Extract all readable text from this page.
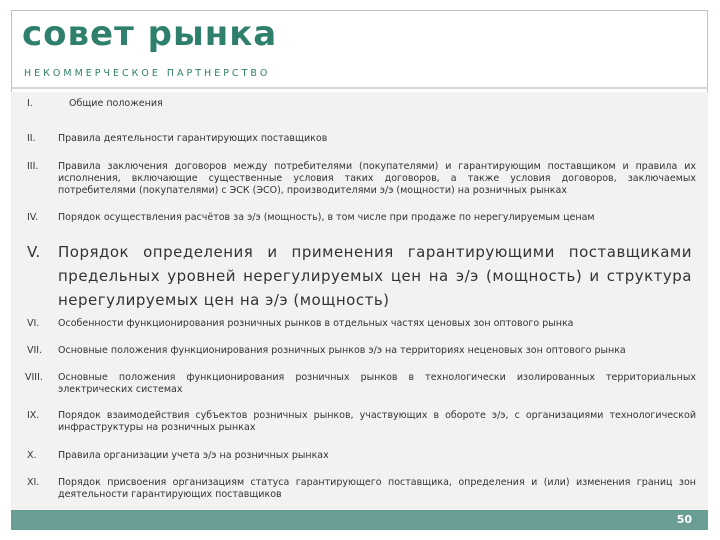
совет рынка
НЕКОММЕРЧЕСКОЕ ПАРТНЕРСТВО
I.	Общие положения
II. Правила деятельности гарантирующих поставщиков
III. Правила заключения договоров между потребителями (покупателями) и гарантирующим поставщиком и правила их исполнения, включающие существенные условия таких договоров, а также условия договоров, заключаемых потребителями (покупателями) с ЭСК (ЭСО), производителями э/э (мощности) на розничных рынках
IV. Порядок осуществления расчётов за э/э (мощность), в том числе при продаже по нерегулируемым ценам
V. Порядок определения и применения гарантирующими поставщиками предельных уровней нерегулируемых цен на э/э (мощность) и структура нерегулируемых цен на э/э (мощность)
VI. Особенности функционирования розничных рынков в отдельных частях ценовых зон оптового рынка
VII. Основные положения функционирования розничных рынков э/э на территориях неценовых зон оптового рынка
VIII. Основные положения функционирования розничных рынков в технологически изолированных территориальных электрических системах
IX. Порядок взаимодействия субъектов розничных рынков, участвующих в обороте э/э, с организациями технологической инфраструктуры на розничных рынках
X. Правила организации учета э/э на розничных рынках
XI. Порядок присвоения организациям статуса гарантирующего поставщика, определения и (или) изменения границ зон деятельности гарантирующих поставщиков
50
